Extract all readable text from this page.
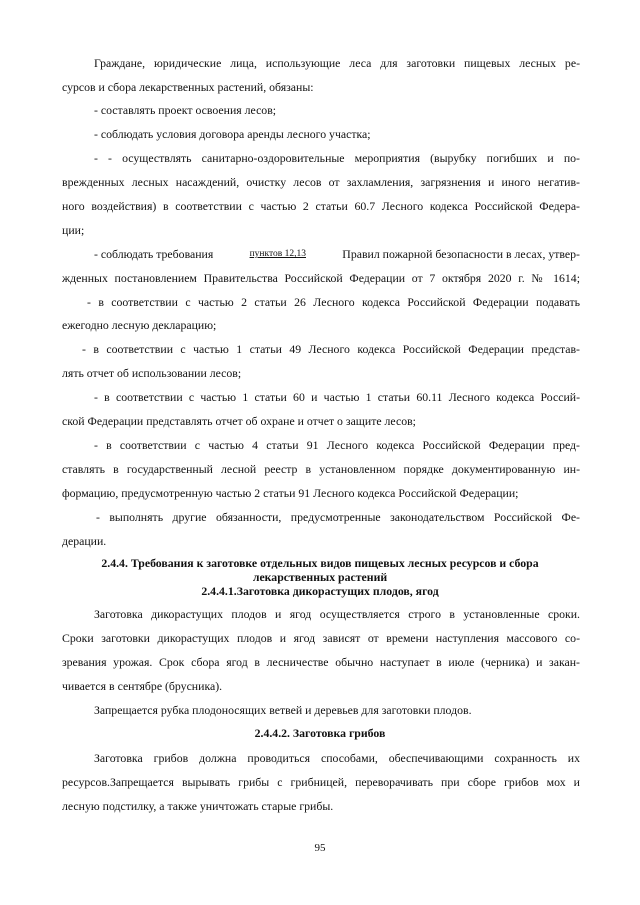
Граждане, юридические лица, использующие леса для заготовки пищевых лесных ре-
сурсов и сбора лекарственных растений, обязаны:
- составлять проект освоения лесов;
- соблюдать условия договора аренды лесного участка;
- - осуществлять санитарно-оздоровительные мероприятия (вырубку погибших и по-
врежденных лесных насаждений, очистку лесов от захламления, загрязнения и иного негатив-
ного воздействия) в соответствии с частью 2 статьи 60.7 Лесного кодекса Российской Федера-
ции;
- соблюдать требования	пунктов 12,13	Правил пожарной безопасности в лесах, утвер-
жденных постановлением Правительства Российской Федерации от 7 октября 2020 г. № 1614;
- в соответствии с частью 2 статьи 26 Лесного кодекса Российской Федерации подавать
ежегодно лесную декларацию;
- в соответствии с частью 1 статьи 49 Лесного кодекса Российской Федерации представ-
лять отчет об использовании лесов;
- в соответствии с частью 1 статьи 60 и частью 1 статьи 60.11 Лесного кодекса Россий-
ской Федерации представлять отчет об охране и отчет о защите лесов;
- в соответствии с частью 4 статьи 91 Лесного кодекса Российской Федерации пред-
ставлять в государственный лесной реестр в установленном порядке документированную ин-
формацию, предусмотренную частью 2 статьи 91 Лесного кодекса Российской Федерации;
- выполнять другие обязанности, предусмотренные законодательством Российской Фе-
дерации.
2.4.4. Требования к заготовке отдельных видов пищевых лесных ресурсов и сбора
лекарственных растений
2.4.4.1.Заготовка дикорастущих плодов, ягод
Заготовка дикорастущих плодов и ягод осуществляется строго в установленные сроки.
Сроки заготовки дикорастущих плодов и ягод зависят от времени наступления массового со-
зревания урожая. Срок сбора ягод в лесничестве обычно наступает в июле (черника) и закан-
чивается в сентябре (брусника).
Запрещается рубка плодоносящих ветвей и деревьев для заготовки плодов.
2.4.4.2. Заготовка грибов
Заготовка грибов должна проводиться способами, обеспечивающими сохранность их
ресурсов.Запрещается вырывать грибы с грибницей, переворачивать при сборе грибов мох и
лесную подстилку, а также уничтожать старые грибы.
95
